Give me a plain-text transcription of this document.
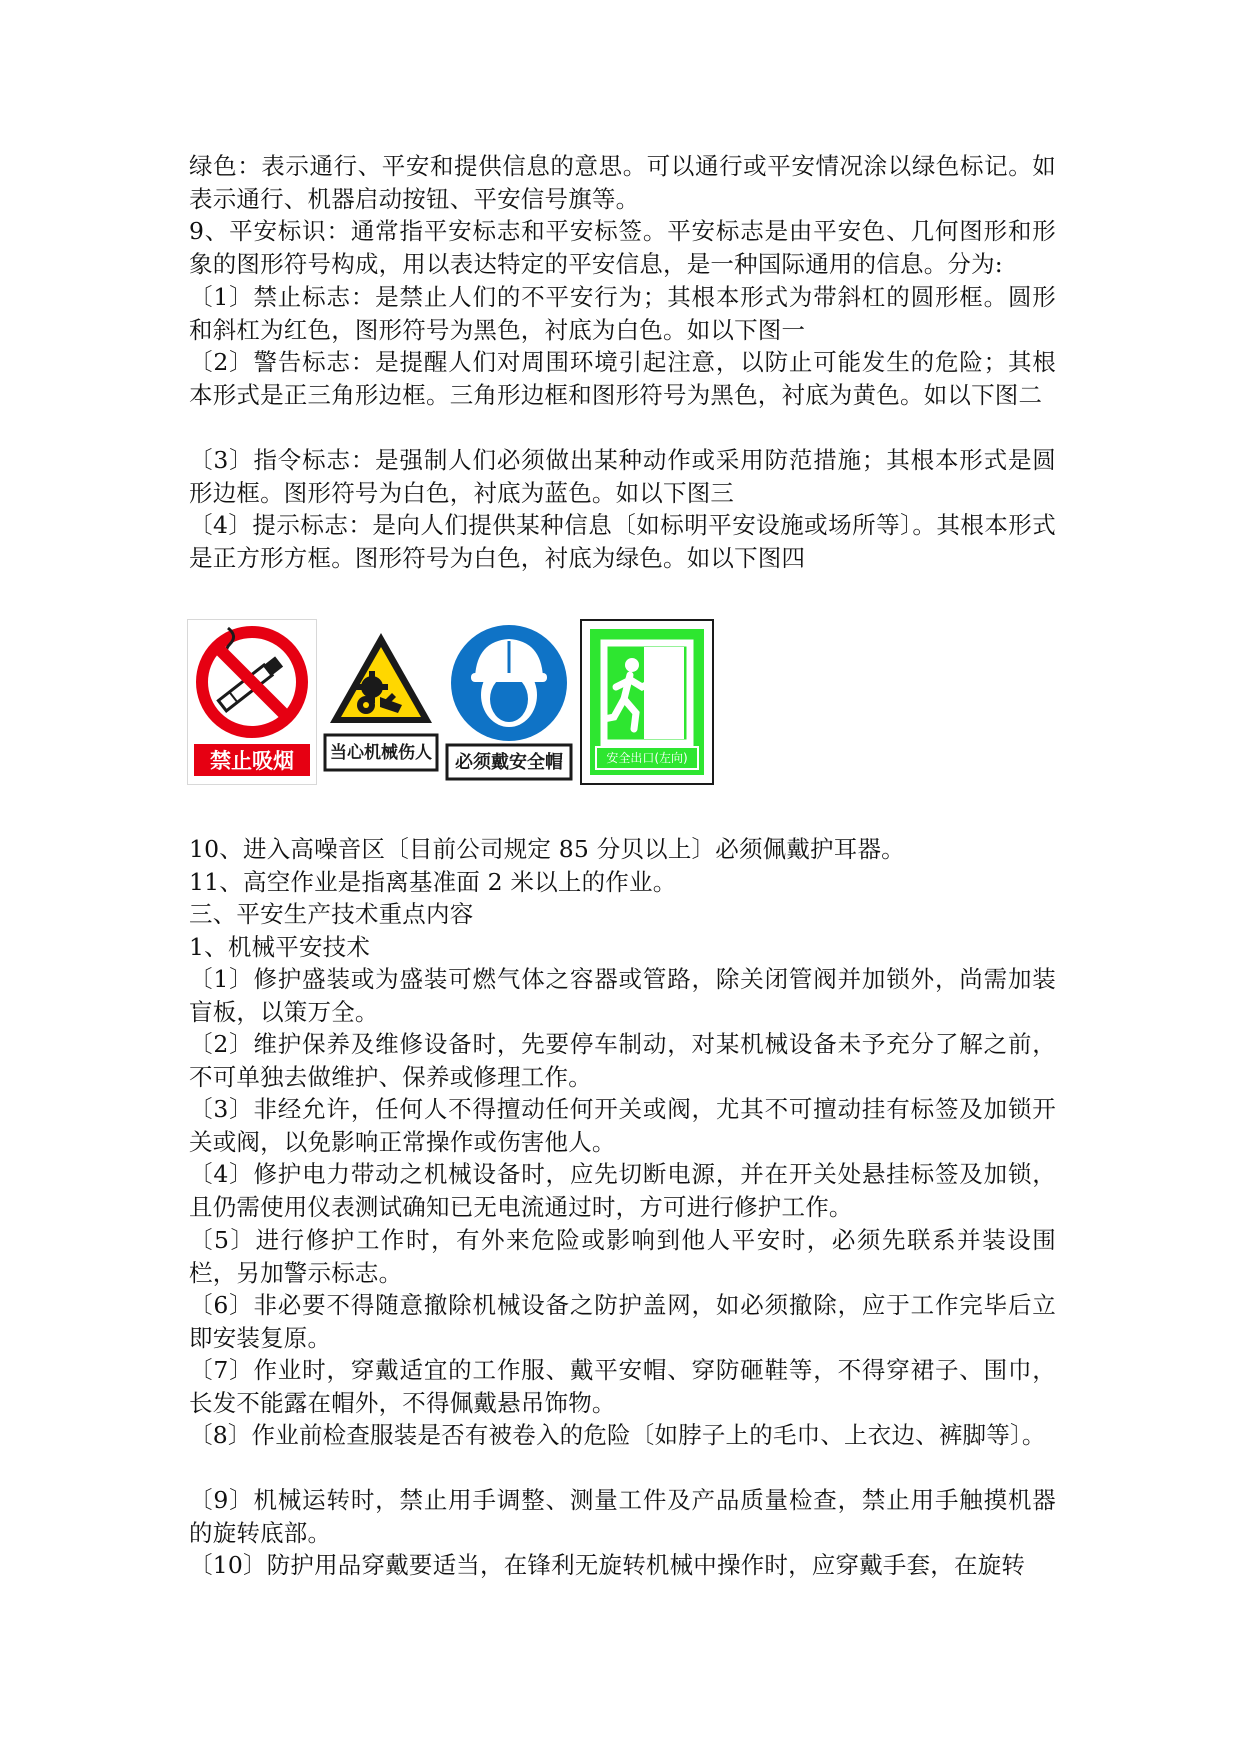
绿色：表示通行、平安和提供信息的意思。可以通行或平安情况涂以绿色标记。如表示通行、机器启动按钮、平安信号旗等。

9、平安标识：通常指平安标志和平安标签。平安标志是由平安色、几何图形和形象的图形符号构成，用以表达特定的平安信息，是一种国际通用的信息。分为:

〔1〕禁止标志：是禁止人们的不平安行为；其根本形式为带斜杠的圆形框。圆形和斜杠为红色，图形符号为黑色，衬底为白色。如以下图一

〔2〕警告标志：是提醒人们对周围环境引起注意，以防止可能发生的危险；其根本形式是正三角形边框。三角形边框和图形符号为黑色，衬底为黄色。如以下图二

〔3〕指令标志：是强制人们必须做出某种动作或采用防范措施；其根本形式是圆形边框。图形符号为白色，衬底为蓝色。如以下图三

〔4〕提示标志：是向人们提供某种信息〔如标明平安设施或场所等〕。其根本形式是正方形方框。图形符号为白色，衬底为绿色。如以下图四

禁止吸烟	当心机械伤人	必须戴安全帽	安全出口(左向)

10、进入高噪音区〔目前公司规定 85 分贝以上〕必须佩戴护耳器。

11、高空作业是指离基准面 2 米以上的作业。

三、平安生产技术重点内容

1、机械平安技术

〔1〕修护盛装或为盛装可燃气体之容器或管路，除关闭管阀并加锁外，尚需加装盲板，以策万全。

〔2〕维护保养及维修设备时，先要停车制动，对某机械设备未予充分了解之前，不可单独去做维护、保养或修理工作。

〔3〕非经允许，任何人不得擅动任何开关或阀，尤其不可擅动挂有标签及加锁开关或阀，以免影响正常操作或伤害他人。

〔4〕修护电力带动之机械设备时，应先切断电源，并在开关处悬挂标签及加锁，且仍需使用仪表测试确知已无电流通过时，方可进行修护工作。

〔5〕进行修护工作时，有外来危险或影响到他人平安时，必须先联系并装设围栏，另加警示标志。

〔6〕非必要不得随意撤除机械设备之防护盖网，如必须撤除，应于工作完毕后立即安装复原。

〔7〕作业时，穿戴适宜的工作服、戴平安帽、穿防砸鞋等，不得穿裙子、围巾，长发不能露在帽外，不得佩戴悬吊饰物。

〔8〕作业前检查服装是否有被卷入的危险〔如脖子上的毛巾、上衣边、裤脚等〕。

〔9〕机械运转时，禁止用手调整、测量工件及产品质量检查，禁止用手触摸机器的旋转底部。

〔10〕防护用品穿戴要适当，在锋利无旋转机械中操作时，应穿戴手套，在旋转
